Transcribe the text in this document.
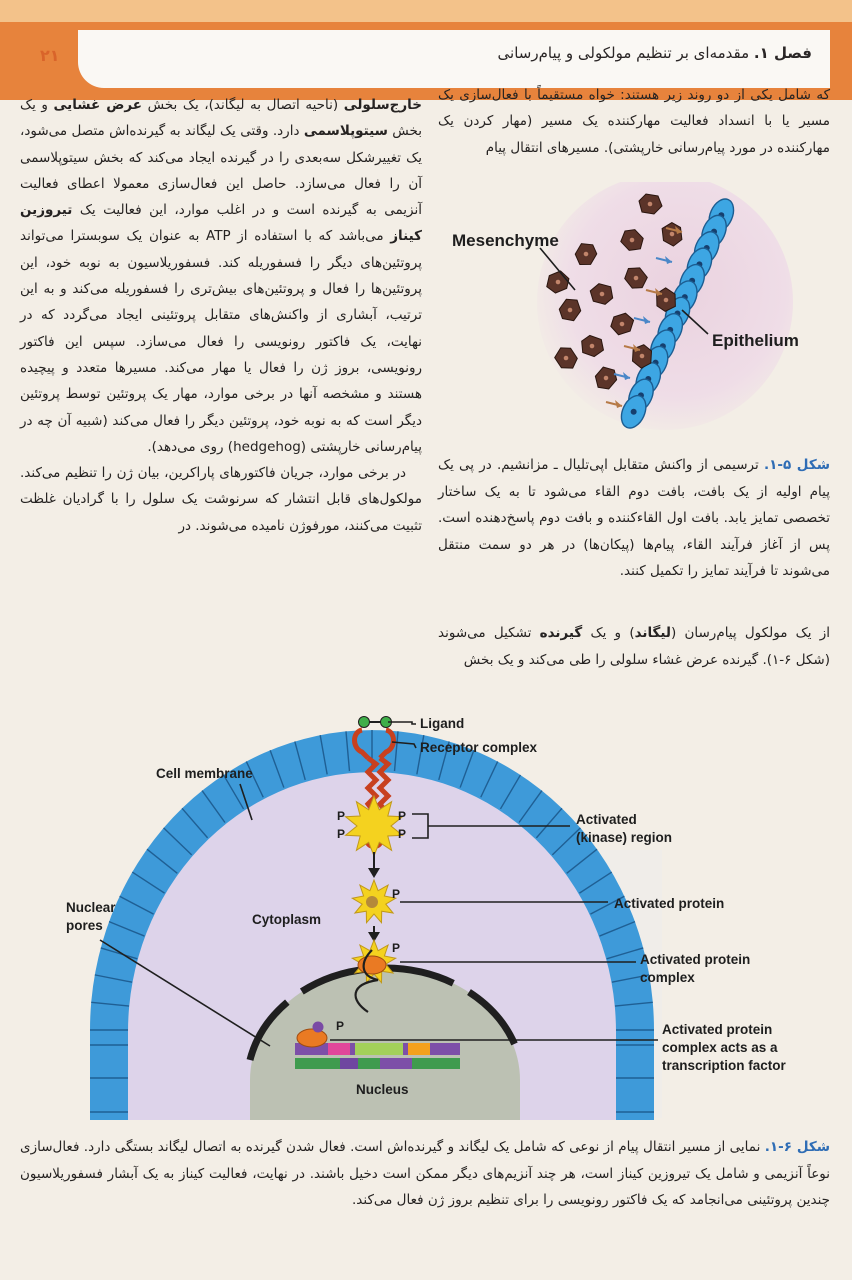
فصل ۱. مقدمه‌ای بر تنظیم مولکولی و پیام‌رسانی
۲۱

خارج‌سلولی (ناحیه اتصال به لیگاند)، یک بخش عرض غشایی و یک بخش سیتوپلاسمی دارد. وقتی یک لیگاند به گیرنده‌اش متصل می‌شود، یک تغییرشکل سه‌بعدی را در گیرنده ایجاد می‌کند که بخش سیتوپلاسمی آن را فعال می‌سازد. حاصل این فعال‌سازی معمولا اعطای فعالیت آنزیمی به گیرنده است و در اغلب موارد، این فعالیت یک تیروزین کیناز می‌باشد که با استفاده از ATP به عنوان یک سوبسترا می‌تواند پروتئین‌های دیگر را فسفوریله کند. فسفوریلاسیون به نوبه خود، این پروتئین‌ها را فعال و پروتئین‌های بیش‌تری را فسفوریله می‌کند و به این ترتیب، آبشاری از واکنش‌های متقابل پروتئینی ایجاد می‌گردد که در نهایت، یک فاکتور رونویسی را فعال می‌سازد. سپس این فاکتور رونویسی، بروز ژن را فعال یا مهار می‌کند. مسیرها متعدد و پیچیده هستند و مشخصه آنها در برخی موارد، مهار یک پروتئین توسط پروتئین دیگر است که به نوبه خود، پروتئین دیگر را فعال می‌کند (شبیه آن چه در پیام‌رسانی خارپشتی (hedgehog) روی می‌دهد).

در برخی موارد، جریان فاکتورهای پاراکرین، بیان ژن را تنظیم می‌کند. مولکول‌های قابل انتشار که سرنوشت یک سلول را با گرادیان غلظت تثبیت می‌کنند، مورفوژن نامیده می‌شوند. در

که شامل یکی از دو روند زیر هستند: خواه مستقیماً با فعال‌سازی یک مسیر یا با انسداد فعالیت مهارکننده یک مسیر (مهار کردن یک مهارکننده در مورد پیام‌رسانی خارپشتی). مسیرهای انتقال پیام

Mesenchyme
Epithelium
شکل ۵-۱. ترسیمی از واکنش متقابل اپی‌تلیال ـ مزانشیم. در پی یک پیام اولیه از یک بافت، بافت دوم القاء می‌شود تا به یک ساختار تخصصی تمایز یابد. بافت اول القاءکننده و بافت دوم پاسخ‌دهنده است. پس از آغاز فرآیند القاء، پیام‌ها (پیکان‌ها) در هر دو سمت منتقل می‌شوند تا فرآیند تمایز را تکمیل کنند.
از یک مولکول پیام‌رسان (لیگاند) و یک گیرنده تشکیل می‌شوند (شکل ۶-۱). گیرنده عرض غشاء سلولی را طی می‌کند و یک بخش
Ligand
Receptor complex
Cell membrane
Activated
(kinase) region
Nuclear
pores	Cytoplasm
Activated protein
Activated protein
complex
Activated protein
complex acts as a
transcription factor
Nucleus
P
P
P
P
P
P
P
شکل ۶-۱. نمایی از مسیر انتقال پیام از نوعی که شامل یک لیگاند و گیرنده‌اش است. فعال شدن گیرنده به اتصال لیگاند بستگی دارد. فعال‌سازی نوعاً آنزیمی و شامل یک تیروزین کیناز است، هر چند آنزیم‌های دیگر ممکن است دخیل باشند. در نهایت، فعالیت کیناز به یک آبشار فسفوریلاسیون چندین پروتئینی می‌انجامد که یک فاکتور رونویسی را برای تنظیم بروز ژن فعال می‌کند.
